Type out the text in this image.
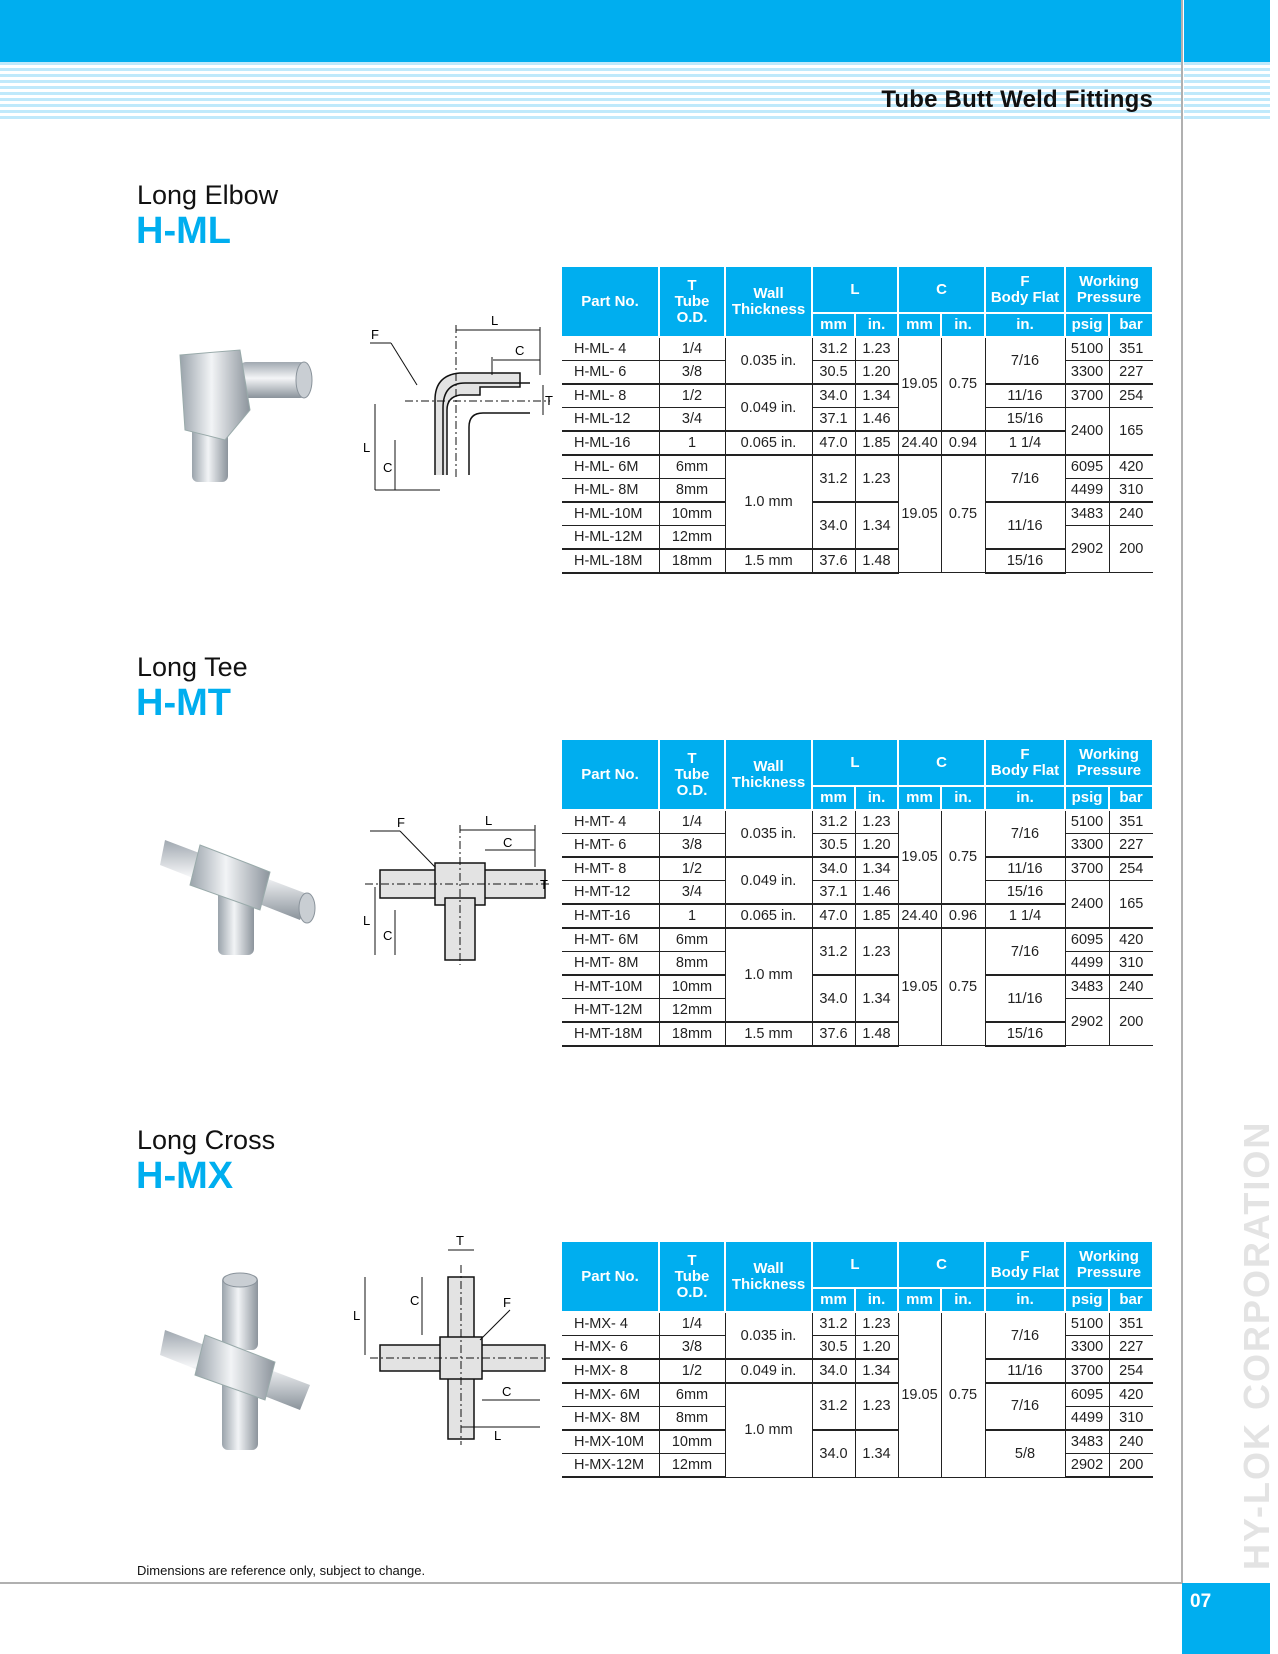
Tube Butt Weld Fittings
HY-LOK CORPORATION
07
Long Elbow
H-ML
L
C
F
T
L
C
Part No.	T
Tube
O.D.	Wall
Thickness	L		C		F
Body Flat	Working
Pressure	
			mm	in.	mm	in.	in.	psig	bar
H-ML- 4	1/4	0.035 in.	31.2	1.23	19.05	0.75	7/16	5100	351
H-ML- 6	3/8		30.5	1.20				3300	227
H-ML- 8	1/2	0.049 in.	34.0	1.34			11/16	3700	254
H-ML-12	3/4		37.1	1.46			15/16	2400	165
H-ML-16	1	0.065 in.	47.0	1.85	24.40	0.94	1 1/4		
H-ML- 6M	6mm	1.0 mm	31.2	1.23	19.05	0.75	7/16	6095	420
H-ML- 8M	8mm							4499	310
H-ML-10M	10mm		34.0	1.34			11/16	3483	240
H-ML-12M	12mm							2902	200
H-ML-18M	18mm	1.5 mm	37.6	1.48			15/16		
Long Tee
H-MT
L
C
F
T
L
C
Part No.	T
Tube
O.D.	Wall
Thickness	L		C		F
Body Flat	Working
Pressure	
			mm	in.	mm	in.	in.	psig	bar
H-MT- 4	1/4	0.035 in.	31.2	1.23	19.05	0.75	7/16	5100	351
H-MT- 6	3/8		30.5	1.20				3300	227
H-MT- 8	1/2	0.049 in.	34.0	1.34			11/16	3700	254
H-MT-12	3/4		37.1	1.46			15/16	2400	165
H-MT-16	1	0.065 in.	47.0	1.85	24.40	0.96	1 1/4		
H-MT- 6M	6mm	1.0 mm	31.2	1.23	19.05	0.75	7/16	6095	420
H-MT- 8M	8mm							4499	310
H-MT-10M	10mm		34.0	1.34			11/16	3483	240
H-MT-12M	12mm							2902	200
H-MT-18M	18mm	1.5 mm	37.6	1.48			15/16		
Long Cross
H-MX
T
L
C	F
C
L
Part No.	T
Tube
O.D.	Wall
Thickness	L		C		F
Body Flat	Working
Pressure	
			mm	in.	mm	in.	in.	psig	bar
H-MX- 4	1/4	0.035 in.	31.2	1.23	19.05	0.75	7/16	5100	351
H-MX- 6	3/8		30.5	1.20				3300	227
H-MX- 8	1/2	0.049 in.	34.0	1.34			11/16	3700	254
H-MX- 6M	6mm	1.0 mm	31.2	1.23			7/16	6095	420
H-MX- 8M	8mm							4499	310
H-MX-10M	10mm		34.0	1.34			5/8	3483	240
H-MX-12M	12mm							2902	200
Dimensions are reference only, subject to change.
